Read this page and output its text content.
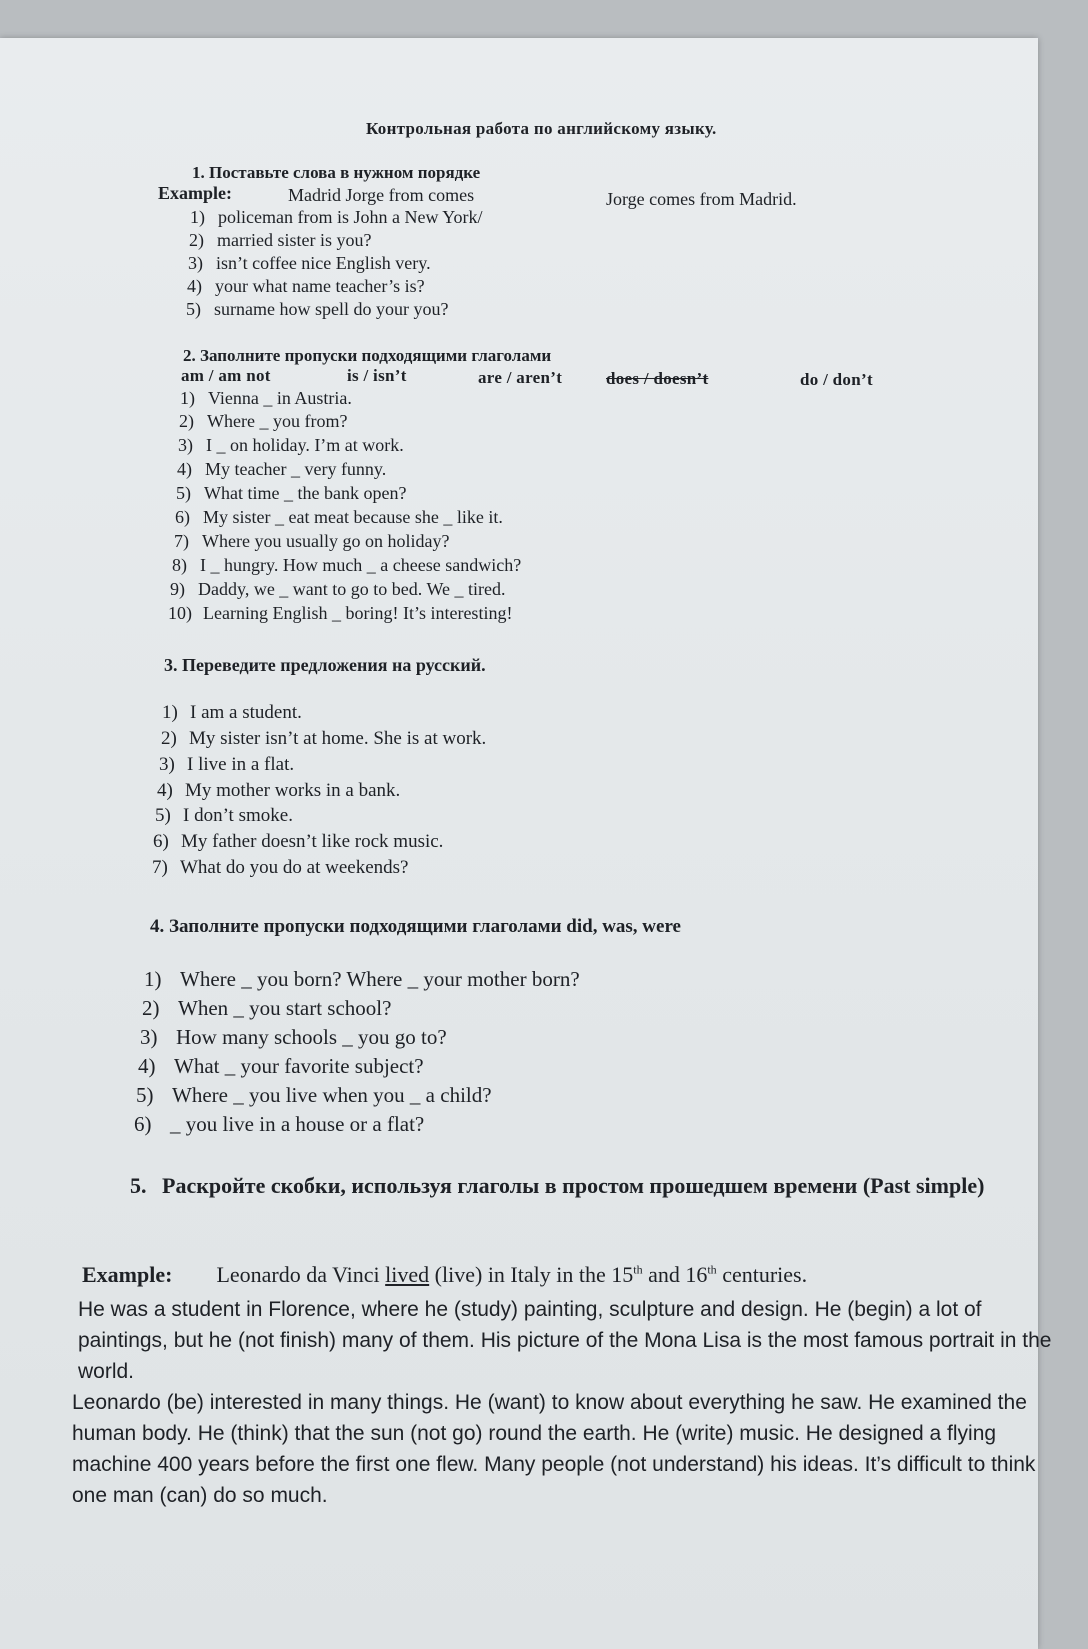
Контрольная работа по английскому языку.
1. Поставьте слова в нужном порядке
Example:	Madrid Jorge from comes	Jorge comes from Madrid.
1) policeman from is John a New York/
2) married sister is you?
3) isn’t coffee nice English very.
4) your what name teacher’s is?
5) surname how spell do your you?
2. Заполните пропуски подходящими глаголами
am / am not	is / isn’t	are / aren’t	does / doesn’t	do / don’t
1) Vienna _ in Austria.
2) Where _ you from?
3) I _ on holiday. I’m at work.
4) My teacher _ very funny.
5) What time _ the bank open?
6) My sister _ eat meat because she _ like it.
7) Where you usually go on holiday?
8) I _ hungry. How much _ a cheese sandwich?
9) Daddy, we _ want to go to bed. We _ tired.
10) Learning English _ boring! It’s interesting!
3. Переведите предложения на русский.
1) I am a student.
2) My sister isn’t at home. She is at work.
3) I live in a flat.
4) My mother works in a bank.
5) I don’t smoke.
6) My father doesn’t like rock music.
7) What do you do at weekends?
4. Заполните пропуски подходящими глаголами did, was, were
1) Where _ you born? Where _ your mother born?
2) When _ you start school?
3) How many schools _ you go to?
4) What _ your favorite subject?
5) Where _ you live when you _ a child?
6) _ you live in a house or a flat?
5. Раскройте скобки, используя глаголы в простом прошедшем времени (Past simple)
Example: Leonardo da Vinci lived (live) in Italy in the 15th and 16th centuries.

He was a student in Florence, where he (study) painting, sculpture and design. He (begin) a lot of paintings, but he (not finish) many of them. His picture of the Mona Lisa is the most famous portrait in the world.

Leonardo (be) interested in many things. He (want) to know about everything he saw. He examined the human body. He (think) that the sun (not go) round the earth. He (write) music. He designed a flying machine 400 years before the first one flew. Many people (not understand) his ideas. It’s difficult to think one man (can) do so much.
